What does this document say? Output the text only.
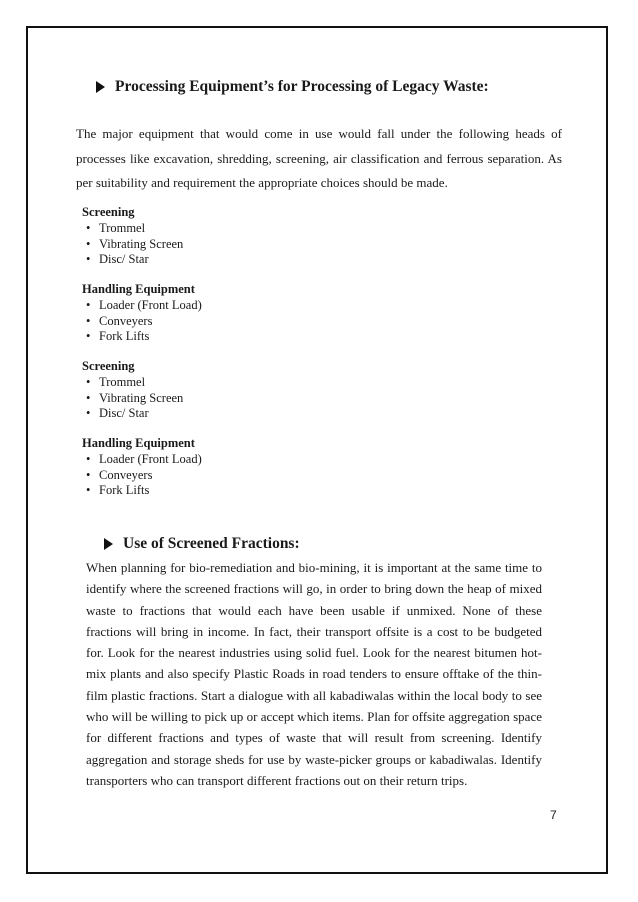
Processing Equipment’s for Processing of Legacy Waste:
The major equipment that would come in use would fall under the following heads of processes like excavation, shredding, screening, air classification and ferrous separation. As per suitability and requirement the appropriate choices should be made.
Screening
• Trommel
• Vibrating Screen
• Disc/ Star
Handling Equipment
• Loader (Front Load)
• Conveyers
• Fork Lifts
Screening
• Trommel
• Vibrating Screen
• Disc/ Star
Handling Equipment
• Loader (Front Load)
• Conveyers
• Fork Lifts
Use of Screened Fractions:
When planning for bio-remediation and bio-mining, it is important at the same time to identify where the screened fractions will go, in order to bring down the heap of mixed waste to fractions that would each have been usable if unmixed. None of these fractions will bring in income. In fact, their transport offsite is a cost to be budgeted for. Look for the nearest industries using solid fuel. Look for the nearest bitumen hot-mix plants and also specify Plastic Roads in road tenders to ensure offtake of the thin-film plastic fractions. Start a dialogue with all kabadiwalas within the local body to see who will be willing to pick up or accept which items. Plan for offsite aggregation space for different fractions and types of waste that will result from screening. Identify aggregation and storage sheds for use by waste-picker groups or kabadiwalas. Identify transporters who can transport different fractions out on their return trips.
7
